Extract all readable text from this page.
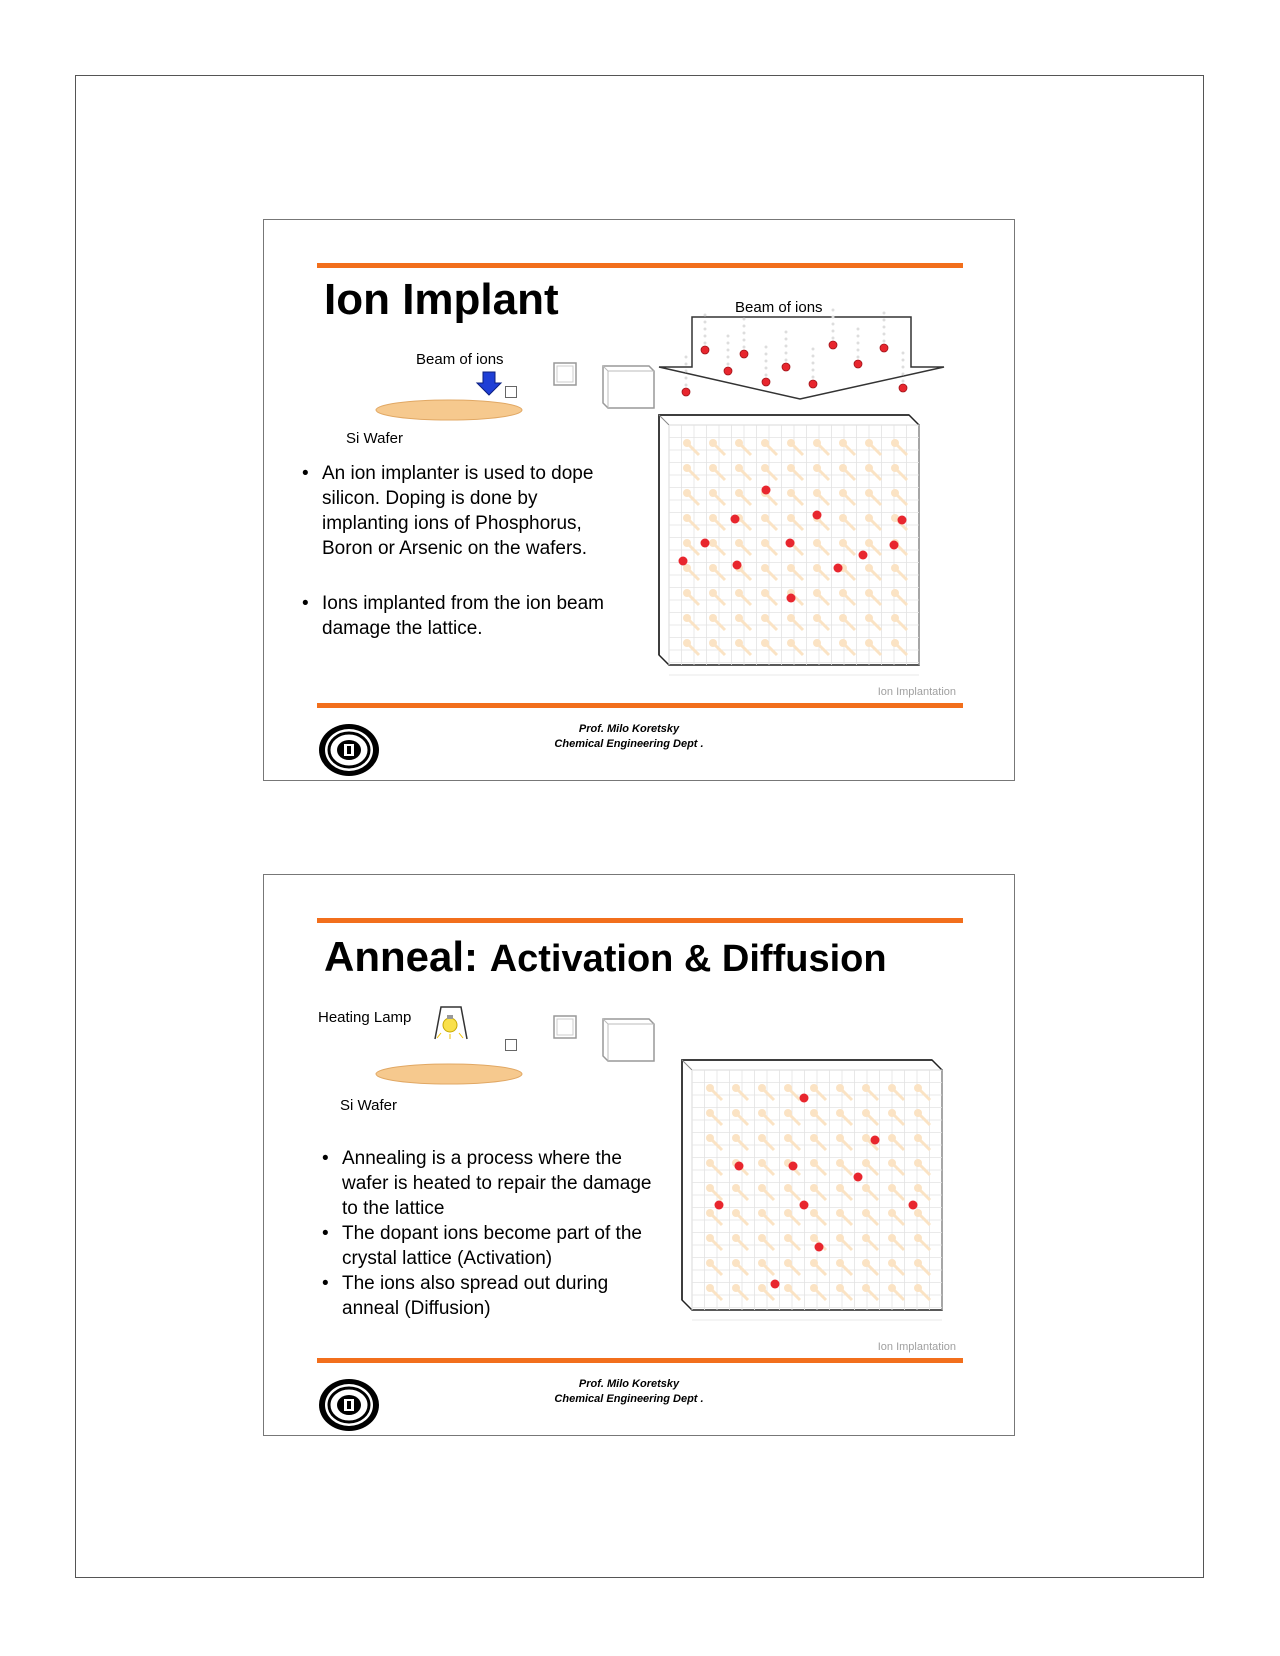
Ion Implant
Beam of ions
Si Wafer
Beam of ions
• An ion implanter is used to dope silicon. Doping is done by implanting ions of Phosphorus, Boron or Arsenic on the wafers.
• Ions implanted from the ion beam damage the lattice.
Ion Implantation
Prof. Milo Koretsky
Chemical Engineering Dept .
Anneal: Activation & Diffusion
Heating Lamp
Si Wafer
• Annealing is a process where the wafer is heated to repair the damage to the lattice
• The dopant ions become part of the crystal lattice (Activation)
• The ions also spread out during anneal (Diffusion)
Ion Implantation
Prof. Milo Koretsky
Chemical Engineering Dept .
